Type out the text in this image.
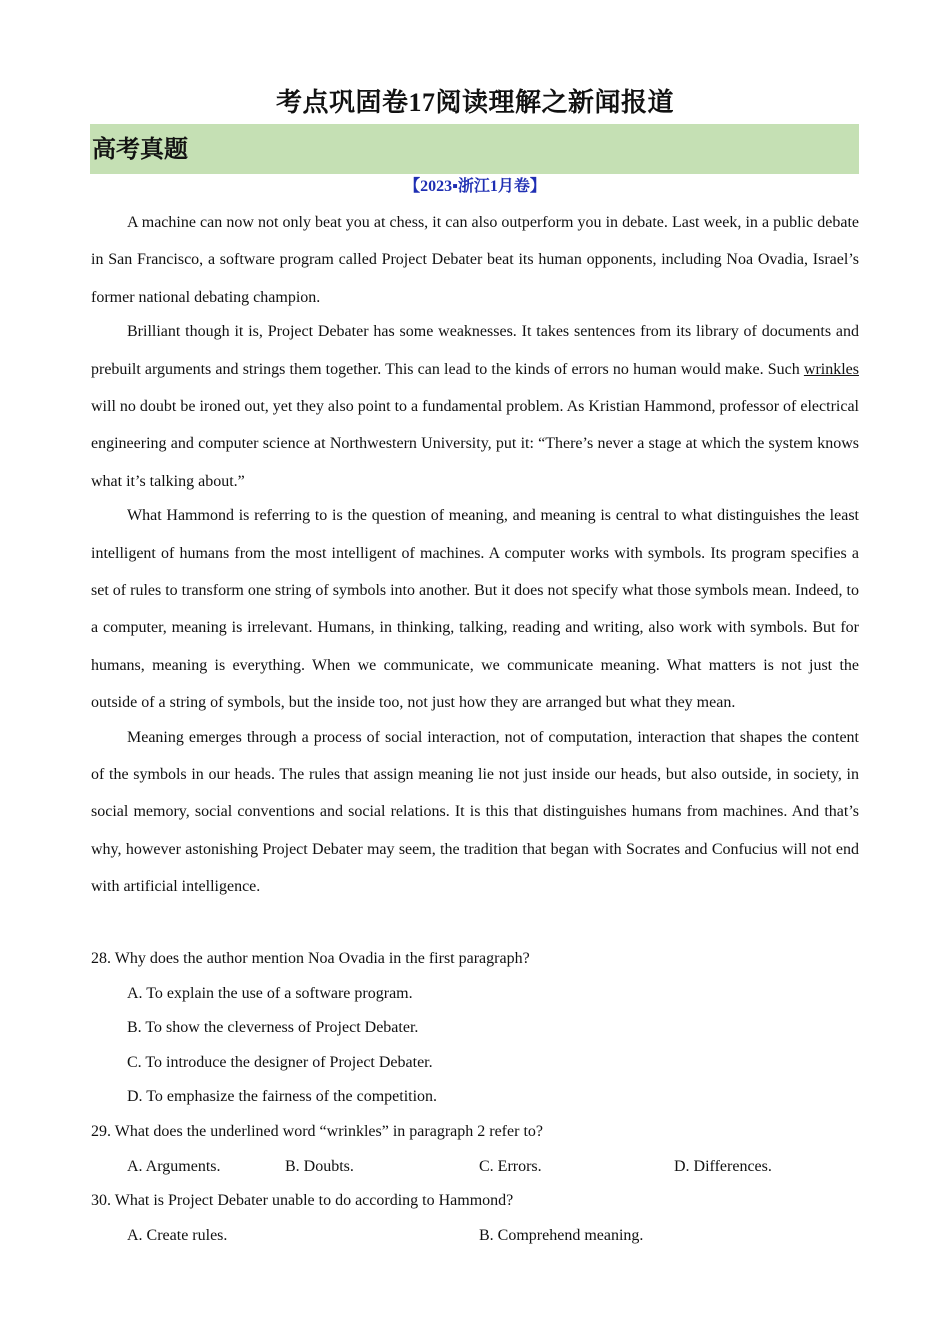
考点巩固卷17阅读理解之新闻报道
高考真题
【2023▪浙江1月卷】

A machine can now not only beat you at chess, it can also outperform you in debate. Last week, in a public debate in San Francisco, a software program called Project Debater beat its human opponents, including Noa Ovadia, Israel’s former national debating champion.

Brilliant though it is, Project Debater has some weaknesses. It takes sentences from its library of documents and prebuilt arguments and strings them together. This can lead to the kinds of errors no human would make. Such wrinkles will no doubt be ironed out, yet they also point to a fundamental problem. As Kristian Hammond, professor of electrical engineering and computer science at Northwestern University, put it: “There’s never a stage at which the system knows what it’s talking about.”

What Hammond is referring to is the question of meaning, and meaning is central to what distinguishes the least intelligent of humans from the most intelligent of machines. A computer works with symbols. Its program specifies a set of rules to transform one string of symbols into another. But it does not specify what those symbols mean. Indeed, to a computer, meaning is irrelevant. Humans, in thinking, talking, reading and writing, also work with symbols. But for humans, meaning is everything. When we communicate, we communicate meaning. What matters is not just the outside of a string of symbols, but the inside too, not just how they are arranged but what they mean.

Meaning emerges through a process of social interaction, not of computation, interaction that shapes the content of the symbols in our heads. The rules that assign meaning lie not just inside our heads, but also outside, in society, in social memory, social conventions and social relations. It is this that distinguishes humans from machines. And that’s why, however astonishing Project Debater may seem, the tradition that began with Socrates and Confucius will not end with artificial intelligence.

28. Why does the author mention Noa Ovadia in the first paragraph?
A. To explain the use of a software program.
B. To show the cleverness of Project Debater.
C. To introduce the designer of Project Debater.
D. To emphasize the fairness of the competition.
29. What does the underlined word “wrinkles” in paragraph 2 refer to?
A. Arguments.	B. Doubts.	C. Errors.	D. Differences.
30. What is Project Debater unable to do according to Hammond?
A. Create rules.	B. Comprehend meaning.
